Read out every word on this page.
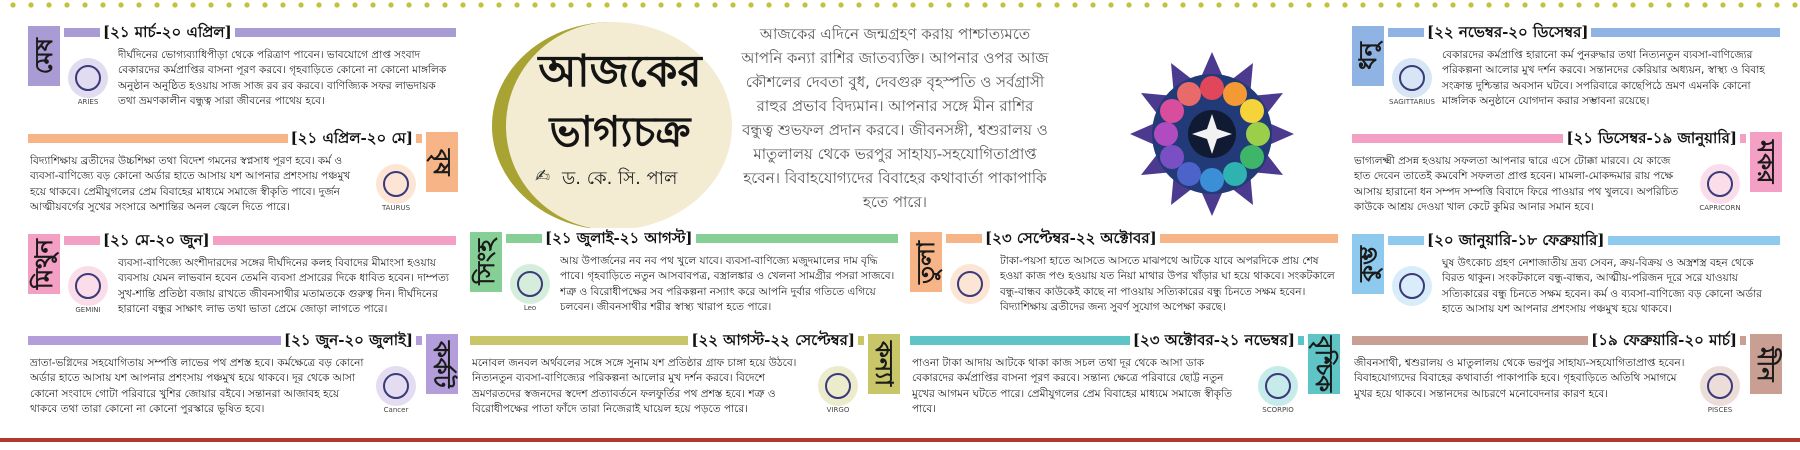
আজকের
ভাগ্যচক্র
✍ ড. কে. সি. পাল
আজকের এদিনে জন্মগ্রহণ করায় পাশ্চাত্যমতে আপনি কন্যা রাশির জাতব্যক্তি। আপনার ওপর আজ কৌশলের দেবতা বুধ, দেবগুরু বৃহস্পতি ও সর্বগ্রাসী রাহুর প্রভাব বিদ্যমান। আপনার সঙ্গে মীন রাশির বন্ধুত্ব শুভফল প্রদান করবে। জীবনসঙ্গী, শ্বশুরালয় ও মাতুলালয় থেকে ভরপুর সাহায্য-সহযোগিতাপ্রাপ্ত হবেন। বিবাহযোগ্যদের বিবাহের কথাবার্তা পাকাপাকি হতে পারে।
মেষ
[২১ মার্চ-২০ এপ্রিল]
ARIES
দীর্ঘদিনের ভোগ্যব্যাধিপীড়া থেকে পরিত্রাণ পাবেন। ভাবযোগে প্রাপ্ত সংবাদ বেকারদের কর্মপ্রাপ্তির বাসনা পূরণ করবে। গৃহবাড়িতে কোনো না কোনো মাঙ্গলিক অনুষ্ঠান অনুষ্ঠিত হওয়ায় সাজ সাজ রব রব করবে। বাণিজ্যিক সফর লাভদায়ক তথা ভ্রমণকালীন বন্ধুত্ব সারা জীবনের পাথেয় হবে।
বৃষ
[২১ এপ্রিল-২০ মে]
TAURUS
বিদ্যাশিক্ষায় ব্রতীদের উচ্চশিক্ষা তথা বিদেশ গমনের স্বপ্নসাধ পূরণ হবে। কর্ম ও ব্যবসা-বাণিজ্যে বড় কোনো অর্ডার হাতে আসায় যশ আপনার প্রশংসায় পঞ্চমুখ হয়ে থাকবে। প্রেমীযুগলের প্রেম বিবাহের মাধ্যমে সমাজে স্বীকৃতি পাবে। দুর্জন আত্মীয়বর্গের সুখের সংসারে অশান্তির অনল জ্বেলে দিতে পারে।
মিথুন	[২১ মে-২০ জুন]
GEMINI
ব্যবসা-বাণিজ্যে অংশীদারদের সঙ্গের দীর্ঘদিনের কলহ বিবাদের মীমাংসা হওয়ায় ব্যবসায় যেমন লাভবান হবেন তেমনি ব্যবসা প্রসারের দিকে ধাবিত হবেন। দাম্পত্য সুখ-শান্তি প্রতিষ্ঠা বজায় রাখতে জীবনসাথীর মতামতকে গুরুত্ব দিন। দীর্ঘদিনের হারানো বন্ধুর সাক্ষাৎ লাভ তথা ভাতা প্রেমে জোড়া লাগতে পারে।
কর্কট
[২১ জুন-২০ জুলাই]
Cancer
ভ্রাতা-ভগ্নিদের সহযোগিতায় সম্পত্তি লাভের পথ প্রশস্ত হবে। কর্মক্ষেত্রে বড় কোনো অর্ডার হাতে আসায় যশ আপনার প্রশংসায় পঞ্চমুখ হয়ে থাকবে। দূর থেকে আসা কোনো সংবাদে গোটা পরিবারে খুশির জোয়ার বইবে। সন্তানরা আজাবহ হয়ে থাকবে তথা তারা কোনো না কোনো পুরস্কারে ভূষিত হবে।
সিংহ
[২১ জুলাই-২১ আগস্ট]
Leo
আয় উপার্জনের নব নব পথ খুলে যাবে। ব্যবসা-বাণিজ্যে মজুদমালের দাম বৃদ্ধি পাবে। গৃহবাড়িতে নতুন আসবাবপত্র, বস্ত্রালঙ্কার ও খেলনা সামগ্রীর পসরা সাজবে। শত্রু ও বিরোধীপক্ষের সব পরিকল্পনা নস্যাৎ করে আপনি দুর্বার গতিতে এগিয়ে চলবেন। জীবনসাথীর শরীর স্বাস্থ্য খারাপ হতে পারে।
কন্যা
[২২ আগস্ট-২২ সেপ্টেম্বর]
VIRGO
মনোবল জনবল অর্থবলের সঙ্গে সঙ্গে সুনাম যশ প্রতিষ্ঠার গ্রাফ চাঙ্গা হয়ে উঠবে। নিত্যনতুন ব্যবসা-বাণিজ্যের পরিকল্পনা আলোর মুখ দর্শন করবে। বিদেশে ভ্রমণরতদের স্বজনদের স্বদেশ প্রত্যাবর্তনে ফলফুর্তির পথ প্রশস্ত হবে। শত্রু ও বিরোধীপক্ষের পাতা ফাঁদে তারা নিজেরাই ঘায়েল হয়ে পড়তে পারে।
তুলা
[২৩ সেপ্টেম্বর-২২ অক্টোবর]
টাকা-পয়সা হাতে আসতে আসতে মাঝপথে আটকে যাবে অপরদিকে প্রায় শেষ হওয়া কাজ পণ্ড হওয়ায় যত নিয়া মাথার উপর খাঁড়ার ঘা হয়ে থাকবে। সংকটকালে বন্ধু-বান্ধব কাউকেই কাছে না পাওয়ায় সত্যিকারের বন্ধু চিনতে সক্ষম হবেন। বিদ্যাশিক্ষায় ব্রতীদের জন্য সুবর্ণ সুযোগ অপেক্ষা করছে।
বৃশ্চিক
[২৩ অক্টোবর-২১ নভেম্বর]
SCORPIO
পাওনা টাকা আদায় আটকে থাকা কাজ সচল তথা দূর থেকে আসা ডাক বেকারদের কর্মপ্রাপ্তির বাসনা পূরণ করবে। সন্তান্য ক্ষেত্রে পরিবারে ছোট্ট নতুন মুখের আগমন ঘটতে পারে। প্রেমীযুগলের প্রেম বিবাহের মাধ্যমে সমাজে স্বীকৃতি পাবে।
ধনু
[২২ নভেম্বর-২০ ডিসেম্বর]
SAGITTARIUS
বেকারদের কর্মপ্রাপ্তি হারানো কর্ম পুনরুদ্ধার তথা নিত্যনতুন ব্যবসা-বাণিজ্যের পরিকল্পনা আলোর মুখ দর্শন করবে। সন্তানদের কেরিয়ার অধ্যয়ন, স্বাস্থ্য ও বিবাহ সংক্রান্ত দুশ্চিন্তার অবসান ঘটবে। সপরিবারে কাছেপিঠে ভ্রমণ এমনকি কোনো মাঙ্গলিক অনুষ্ঠানে যোগদান করার সম্ভাবনা রয়েছে।
মকর
[২১ ডিসেম্বর-১৯ জানুয়ারি]
CAPRICORN
ভাগ্যলক্ষ্মী প্রসন্ন হওয়ায় সফলতা আপনার দ্বারে এসে টোক্কা মারবে। যে কাজে হাত দেবেন তাতেই কমবেশি সফলতা প্রাপ্ত হবেন। মামলা-মোকদ্দমার রায় পক্ষে আসায় হারানো ধন সম্পদ সম্পত্তি বিবাদে ফিরে পাওয়ার পথ খুলবে। অপরিচিত কাউকে আশ্রয় দেওয়া খাল কেটে কুমির আনার সমান হবে।
কুম্ভ
[২০ জানুয়ারি-১৮ ফেব্রুয়ারি]
ঘুষ উৎকোচ গ্রহণ নেশাজাতীয় দ্রব্য সেবন, ক্রয়-বিক্রয় ও অস্ত্রশস্ত্র বহন থেকে বিরত থাকুন। সংকটকালে বন্ধু-বান্ধব, আত্মীয়-পরিজন দূরে সরে যাওয়ায় সত্যিকারের বন্ধু চিনতে সক্ষম হবেন। কর্ম ও ব্যবসা-বাণিজ্যে বড় কোনো অর্ডার হাতে আসায় যশ আপনার প্রশংসায় পঞ্চমুখ হয়ে থাকবে।
মীন
[১৯ ফেব্রুয়ারি-২০ মার্চ]
PISCES
জীবনসাথী, শ্বশুরালয় ও মাতুলালয় থেকে ভরপুর সাহায্য-সহযোগিতাপ্রাপ্ত হবেন। বিবাহযোগ্যদের বিবাহের কথাবার্তা পাকাপাকি হবে। গৃহবাড়িতে অতিথি সমাগমে মুখর হয়ে থাকবে। সন্তানদের আচরণে মনোবেদনার কারণ হবে।
